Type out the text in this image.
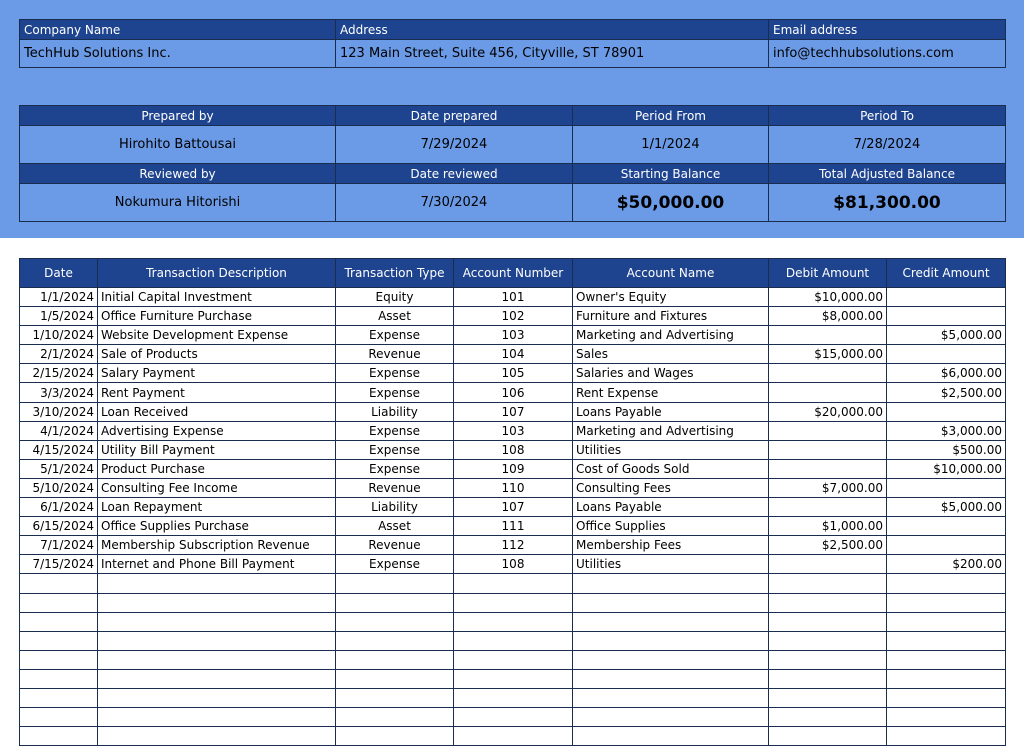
Company Name	Address	Email address
TechHub Solutions Inc.	123 Main Street, Suite 456, Cityville, ST 78901	info@techhubsolutions.com
Prepared by	Date prepared	Period From	Period To
Hirohito Battousai	7/29/2024	1/1/2024	7/28/2024
Reviewed by	Date reviewed	Starting Balance	Total Adjusted Balance
Nokumura Hitorishi	7/30/2024	$50,000.00	$81,300.00
Date	Transaction Description	Transaction Type	Account Number	Account Name	Debit Amount	Credit Amount
1/1/2024	Initial Capital Investment	Equity	101	Owner's Equity	$10,000.00	
1/5/2024	Office Furniture Purchase	Asset	102	Furniture and Fixtures	$8,000.00	
1/10/2024	Website Development Expense	Expense	103	Marketing and Advertising		$5,000.00
2/1/2024	Sale of Products	Revenue	104	Sales	$15,000.00	
2/15/2024	Salary Payment	Expense	105	Salaries and Wages		$6,000.00
3/3/2024	Rent Payment	Expense	106	Rent Expense		$2,500.00
3/10/2024	Loan Received	Liability	107	Loans Payable	$20,000.00	
4/1/2024	Advertising Expense	Expense	103	Marketing and Advertising		$3,000.00
4/15/2024	Utility Bill Payment	Expense	108	Utilities		$500.00
5/1/2024	Product Purchase	Expense	109	Cost of Goods Sold		$10,000.00
5/10/2024	Consulting Fee Income	Revenue	110	Consulting Fees	$7,000.00	
6/1/2024	Loan Repayment	Liability	107	Loans Payable		$5,000.00
6/15/2024	Office Supplies Purchase	Asset	111	Office Supplies	$1,000.00	
7/1/2024	Membership Subscription Revenue	Revenue	112	Membership Fees	$2,500.00	
7/15/2024	Internet and Phone Bill Payment	Expense	108	Utilities		$200.00
